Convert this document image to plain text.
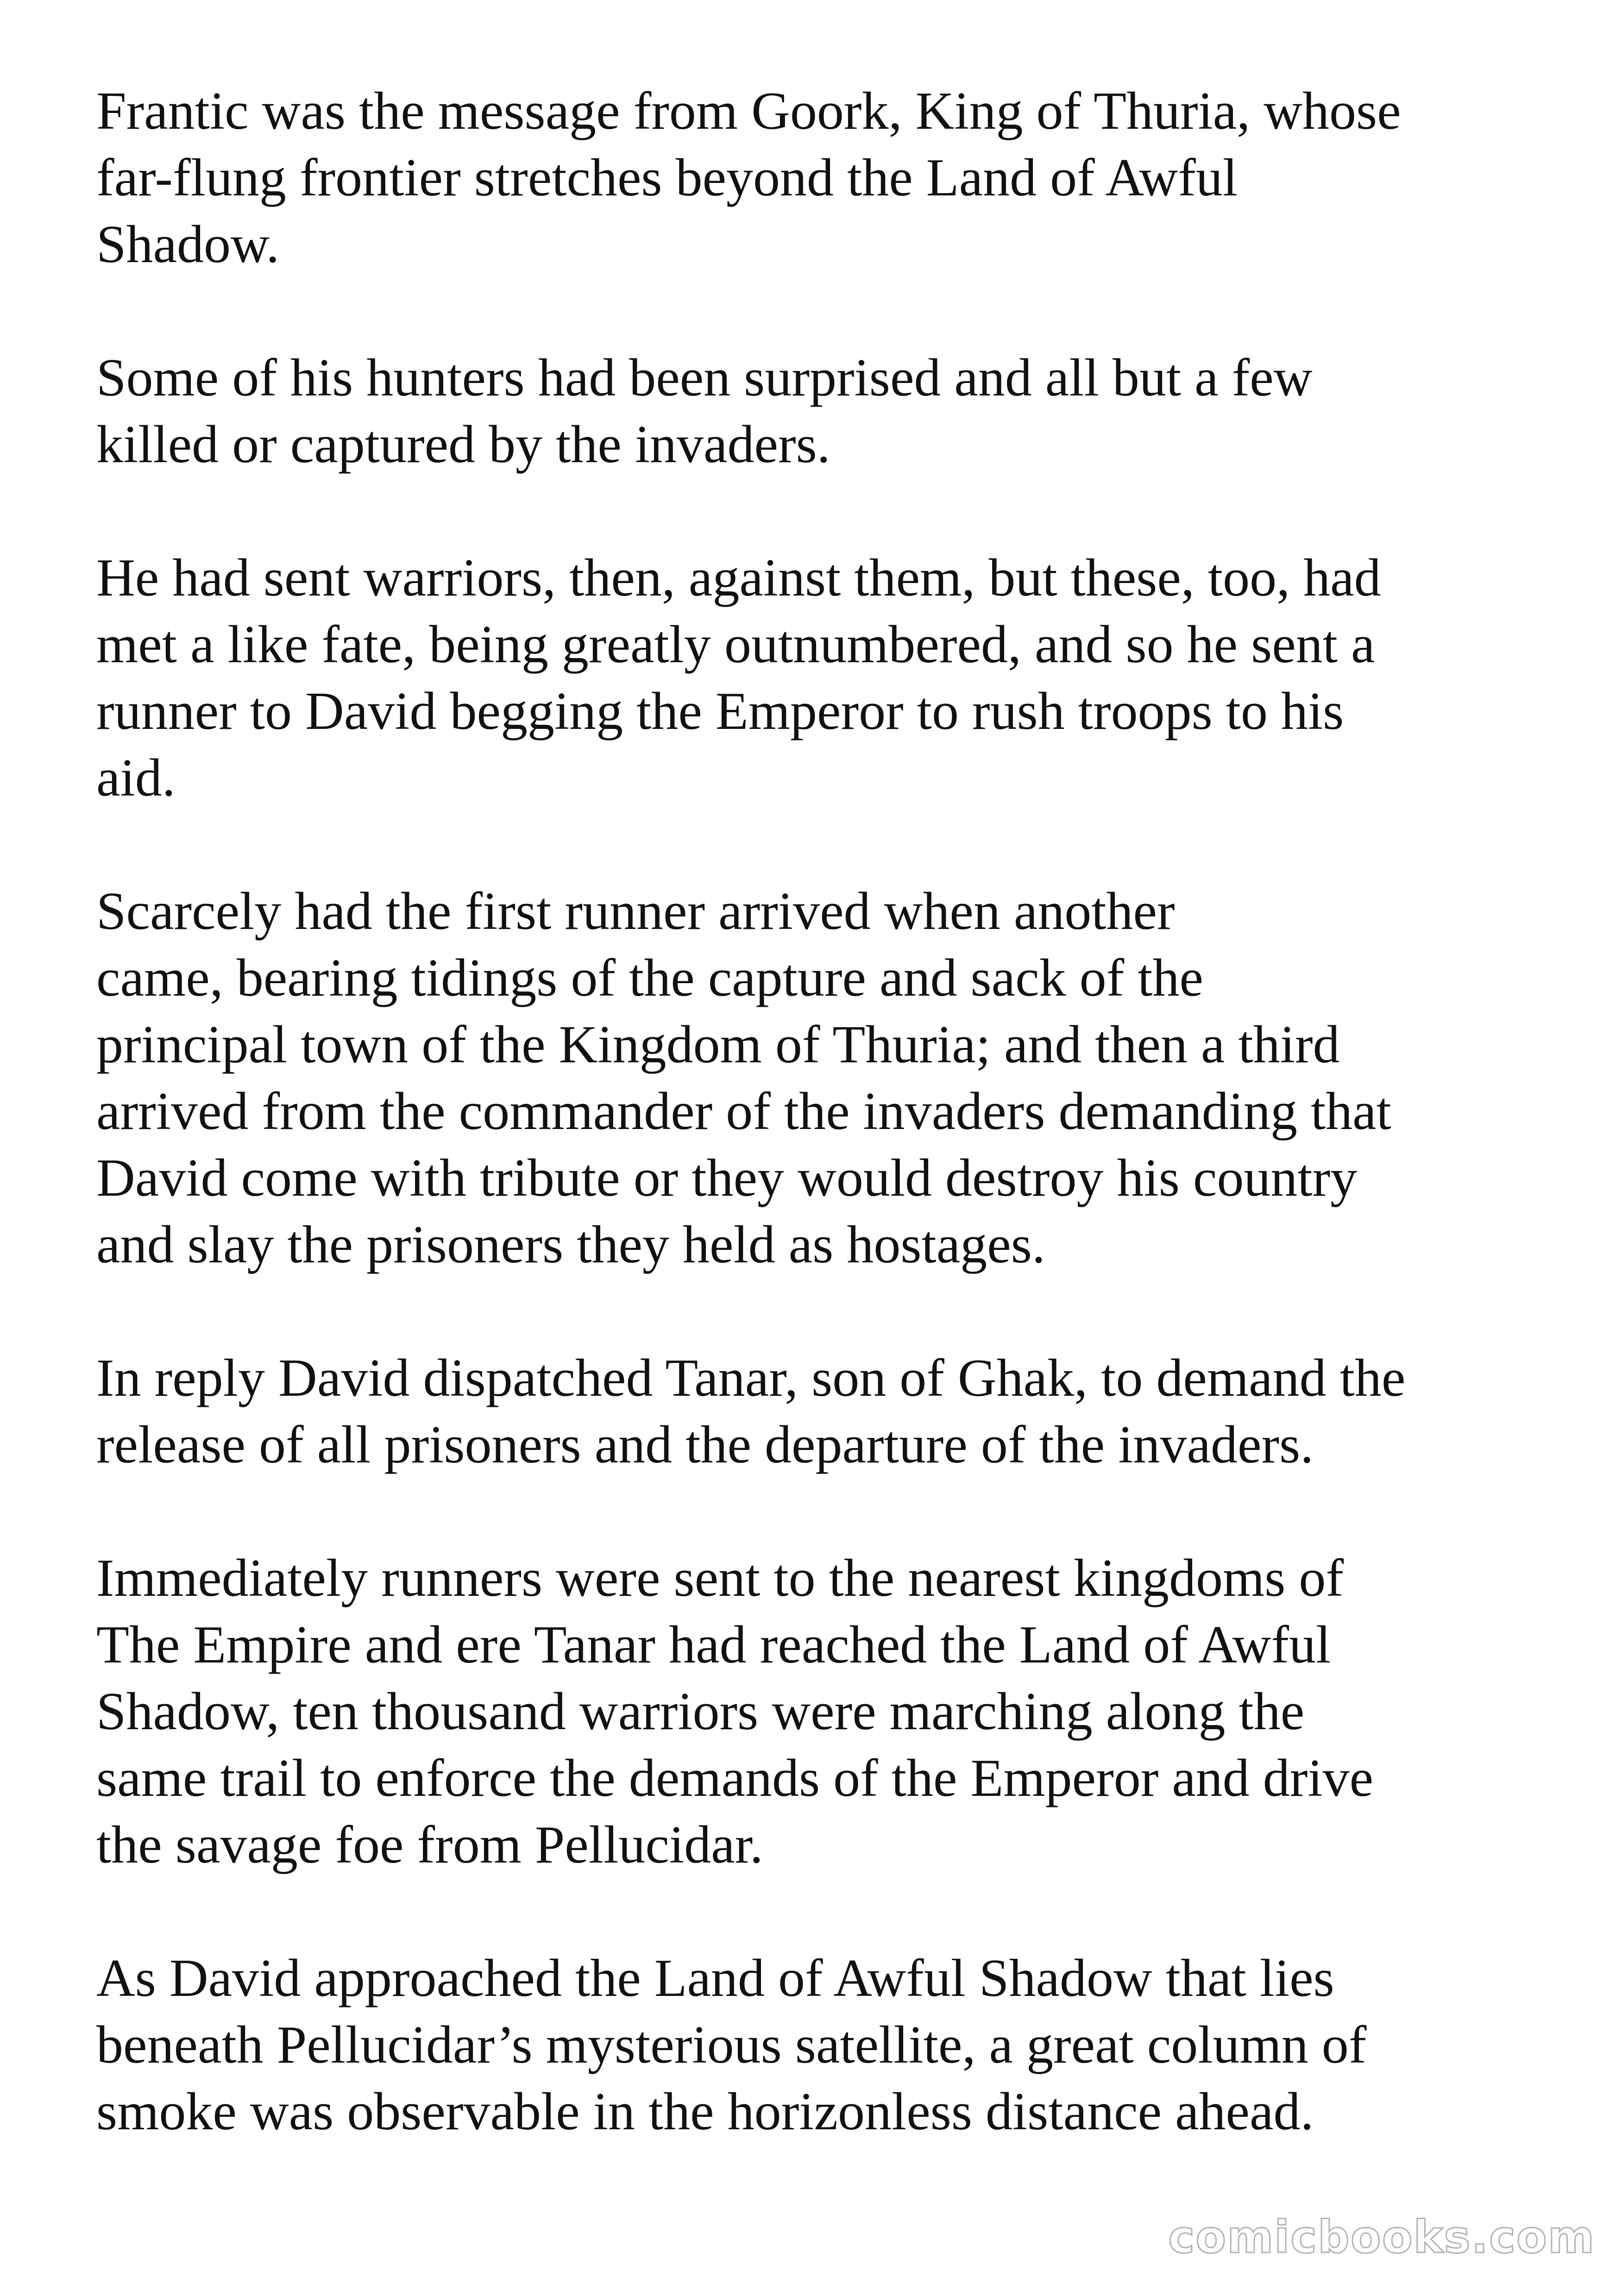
Frantic was the message from Goork, King of Thuria, whose
far-flung frontier stretches beyond the Land of Awful
Shadow.

Some of his hunters had been surprised and all but a few
killed or captured by the invaders.

He had sent warriors, then, against them, but these, too, had
met a like fate, being greatly outnumbered, and so he sent a
runner to David begging the Emperor to rush troops to his
aid.

Scarcely had the first runner arrived when another
came, bearing tidings of the capture and sack of the
principal town of the Kingdom of Thuria; and then a third
arrived from the commander of the invaders demanding that
David come with tribute or they would destroy his country
and slay the prisoners they held as hostages.

In reply David dispatched Tanar, son of Ghak, to demand the
release of all prisoners and the departure of the invaders.

Immediately runners were sent to the nearest kingdoms of
The Empire and ere Tanar had reached the Land of Awful
Shadow, ten thousand warriors were marching along the
same trail to enforce the demands of the Emperor and drive
the savage foe from Pellucidar.

As David approached the Land of Awful Shadow that lies
beneath Pellucidar’s mysterious satellite, a great column of
smoke was observable in the horizonless distance ahead.

comicbooks.com
